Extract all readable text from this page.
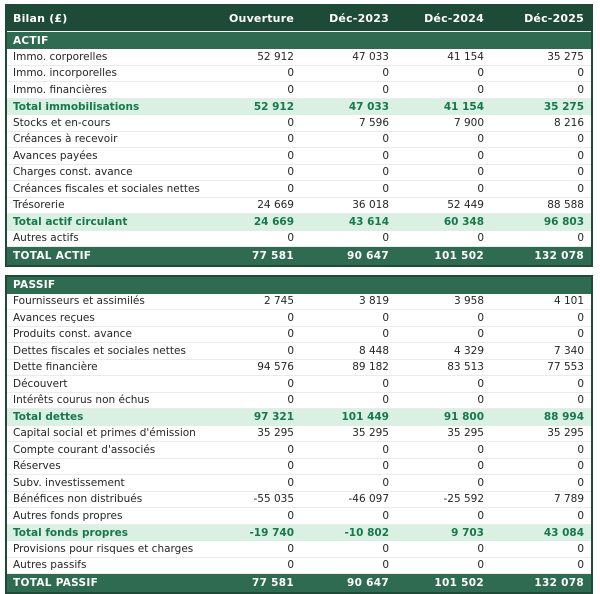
Bilan (£)	Ouverture	Déc-2023	Déc-2024	Déc-2025
ACTIF
Immo. corporelles	52 912	47 033	41 154	35 275
Immo. incorporelles	0	0	0	0
Immo. financières	0	0	0	0
Total immobilisations	52 912	47 033	41 154	35 275
Stocks et en-cours	0	7 596	7 900	8 216
Créances à recevoir	0	0	0	0
Avances payées	0	0	0	0
Charges const. avance	0	0	0	0
Créances fiscales et sociales nettes	0	0	0	0
Trésorerie	24 669	36 018	52 449	88 588
Total actif circulant	24 669	43 614	60 348	96 803
Autres actifs	0	0	0	0
TOTAL ACTIF	77 581	90 647	101 502	132 078
PASSIF
Fournisseurs et assimilés	2 745	3 819	3 958	4 101
Avances reçues	0	0	0	0
Produits const. avance	0	0	0	0
Dettes fiscales et sociales nettes	0	8 448	4 329	7 340
Dette financière	94 576	89 182	83 513	77 553
Découvert	0	0	0	0
Intérêts courus non échus	0	0	0	0
Total dettes	97 321	101 449	91 800	88 994
Capital social et primes d'émission	35 295	35 295	35 295	35 295
Compte courant d'associés	0	0	0	0
Réserves	0	0	0	0
Subv. investissement	0	0	0	0
Bénéfices non distribués	-55 035	-46 097	-25 592	7 789
Autres fonds propres	0	0	0	0
Total fonds propres	-19 740	-10 802	9 703	43 084
Provisions pour risques et charges	0	0	0	0
Autres passifs	0	0	0	0
TOTAL PASSIF	77 581	90 647	101 502	132 078
